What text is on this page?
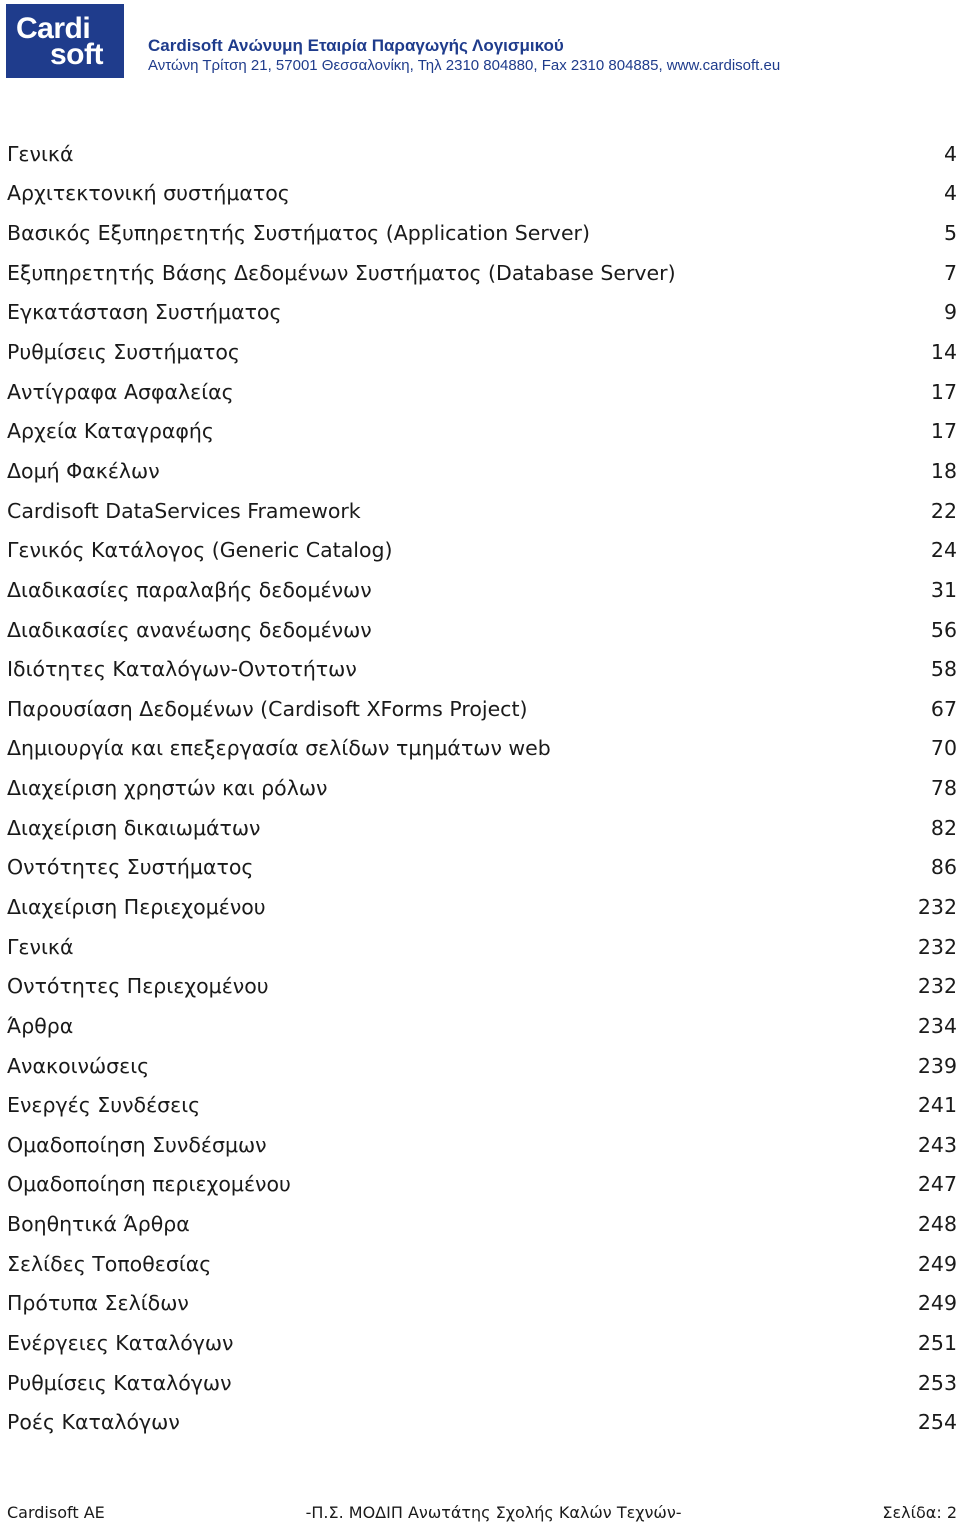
Cardi
soft	Cardisoft Ανώνυμη Εταιρία Παραγωγής Λογισμικού
Αντώνη Τρίτση 21, 57001 Θεσσαλονίκη, Τηλ 2310 804880, Fax 2310 804885, www.cardisoft.eu
Γενικά	4
Αρχιτεκτονική συστήματος	4
Βασικός Εξυπηρετητής Συστήματος (Application Server)	5
Εξυπηρετητής Βάσης Δεδομένων Συστήματος (Database Server)	7
Εγκατάσταση Συστήματος	9
Ρυθμίσεις Συστήματος	14
Αντίγραφα Ασφαλείας	17
Αρχεία Καταγραφής	17
Δομή Φακέλων	18
Cardisoft DataServices Framework	22
Γενικός Κατάλογος (Generic Catalog)	24
Διαδικασίες παραλαβής δεδομένων	31
Διαδικασίες ανανέωσης δεδομένων	56
Ιδιότητες Καταλόγων-Οντοτήτων	58
Παρουσίαση Δεδομένων (Cardisoft XForms Project)	67
Δημιουργία και επεξεργασία σελίδων τμημάτων web	70
Διαχείριση χρηστών και ρόλων	78
Διαχείριση δικαιωμάτων	82
Οντότητες Συστήματος	86
Διαχείριση Περιεχομένου	232
Γενικά	232
Οντότητες Περιεχομένου	232
Άρθρα	234
Ανακοινώσεις	239
Ενεργές Συνδέσεις	241
Ομαδοποίηση Συνδέσμων	243
Ομαδοποίηση περιεχομένου	247
Βοηθητικά Άρθρα	248
Σελίδες Τοποθεσίας	249
Πρότυπα Σελίδων	249
Ενέργειες Καταλόγων	251
Ρυθμίσεις Καταλόγων	253
Ροές Καταλόγων	254
Cardisoft AE	-Π.Σ. ΜΟΔΙΠ Ανωτάτης Σχολής Καλών Τεχνών-	Σελίδα: 2
